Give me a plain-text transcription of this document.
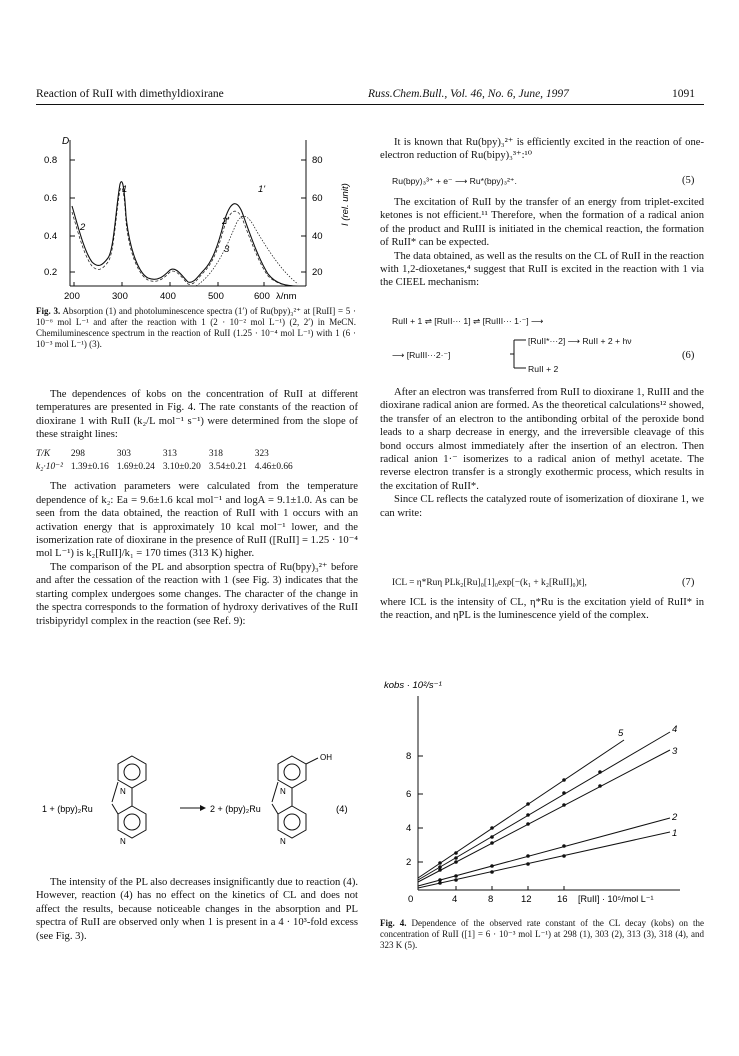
Reaction of RuII with dimethyldioxirane	Russ.Chem.Bull., Vol. 46, No. 6, June, 1997	1091
D
0.8
0.6
0.4
0.2
80
60
40
20
I (rel. unit)
200	300	400	500	600 λ/nm
1
2
1'
2'
3
Fig. 3. Absorption (1) and photoluminescence spectra (1′) of Ru(bpy)₃²⁺ at [RuII] = 5 · 10⁻⁶ mol L⁻¹ and after the reaction with 1 (2 · 10⁻² mol L⁻¹) (2, 2′) in MeCN. Chemiluminescence spectrum in the reaction of RuII (1.25 · 10⁻⁴ mol L⁻¹) with 1 (6 · 10⁻³ mol L⁻¹) (3).

The dependences of kobs on the concentration of RuII at different temperatures are presented in Fig. 4. The rate constants of the reaction of dioxirane 1 with RuII (k₂/L mol⁻¹ s⁻¹) were determined from the slope of these straight lines:

T/K	298	303	313	318	323
k₂·10⁻²	1.39±0.16	1.69±0.24	3.10±0.20	3.54±0.21	4.46±0.66

The activation parameters were calculated from the temperature dependence of k₂: Ea = 9.6±1.6 kcal mol⁻¹ and logA = 9.1±1.0. As can be seen from the data obtained, the reaction of RuII with 1 occurs with an activation energy that is approximately 10 kcal mol⁻¹ lower, and the isomerization rate of dioxirane in the presence of RuII ([RuII] = 1.25 · 10⁻⁴ mol L⁻¹) is k₂[RuII]/k₁ = 170 times (313 K) higher.

The comparison of the PL and absorption spectra of Ru(bpy)₃²⁺ before and after the cessation of the reaction with 1 (see Fig. 3) indicates that the starting complex undergoes some changes. The character of the change in the spectra corresponds to the formation of hydroxy derivatives of the RuII trisbipyridyl complex in the reaction (see Ref. 9):

1 + (bpy)₂Ru
N
N
2 + (bpy)₂Ru
OH
N
N
(4)

The intensity of the PL also decreases insignificantly due to reaction (4). However, reaction (4) has no effect on the kinetics of CL and does not affect the results, because noticeable changes in the absorption and PL spectra of RuII are observed only when 1 is present in a 4 · 10³-fold excess (see Fig. 3).

It is known that Ru(bpy)₃²⁺ is efficiently excited in the reaction of one-electron reduction of Ru(bipy)₃³⁺:¹⁰

Ru(bpy)₃³⁺ + e⁻ ⟶ Ru*(bpy)₃²⁺.	(5)

The excitation of RuII by the transfer of an energy from triplet-excited ketones is not efficient.¹¹ Therefore, when the formation of a radical anion of the product and RuIII is initiated in the chemical reaction, the formation of RuII* can be expected.

The data obtained, as well as the results on the CL of RuII in the reaction with 1,2-dioxetanes,⁴ suggest that RuII is excited in the reaction with 1 via the CIEEL mechanism:

RuII + 1 ⇌ [RuII··· 1] ⇌ [RuIII··· 1·⁻] ⟶
⟶ [RuIII···2·⁻]
[RuII*···2] ⟶ RuII + 2 + hν
RuII + 2
(6)

After an electron was transferred from RuII to dioxirane 1, RuIII and the dioxirane radical anion are formed. As the theoretical calculations¹² showed, the transfer of an electron to the antibonding orbital of the peroxide bond leads to a sharp decrease in energy, and the irreversible cleavage of this bond occurs almost immediately after the insertion of an electron. Then radical anion 1·⁻ isomerizes to a radical anion of methyl acetate. The reverse electron transfer is a strongly exothermic process, which results in the excitation of RuII*.

Since CL reflects the catalyzed route of isomerization of dioxirane 1, we can write:

ICL = η*Ruη PLk₂[Ru]₀[1]₀exp[−(k₁ + k₂[RuII]₀)t],	(7)

where ICL is the intensity of CL, η*Ru is the excitation yield of RuII* in the reaction, and ηPL is the luminescence yield of the complex.

kobs · 10²/s⁻¹
8
6
4
2
0	4	8	12	16 [RuII] · 10⁵/mol L⁻¹
1
2
3
4
5
Fig. 4. Dependence of the observed rate constant of the CL decay (kobs) on the concentration of RuII ([1] = 6 · 10⁻³ mol L⁻¹) at 298 (1), 303 (2), 313 (3), 318 (4), and 323 K (5).
